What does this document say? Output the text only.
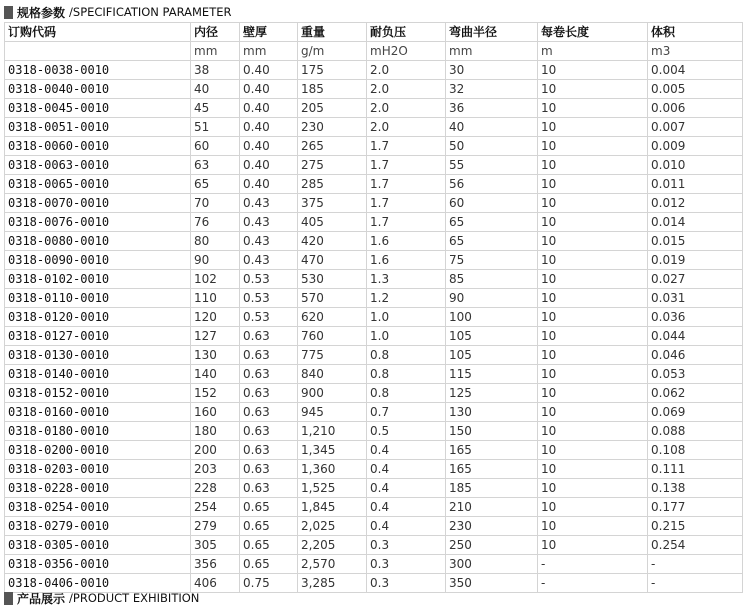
规格参数 /SPECIFICATION PARAMETER
订购代码	内径	壁厚	重量	耐负压	弯曲半径	每卷长度	体积
	mm	mm	g/m	mH2O	mm	m	m3
0318-0038-0010	38	0.40	175	2.0	30	10	0.004
0318-0040-0010	40	0.40	185	2.0	32	10	0.005
0318-0045-0010	45	0.40	205	2.0	36	10	0.006
0318-0051-0010	51	0.40	230	2.0	40	10	0.007
0318-0060-0010	60	0.40	265	1.7	50	10	0.009
0318-0063-0010	63	0.40	275	1.7	55	10	0.010
0318-0065-0010	65	0.40	285	1.7	56	10	0.011
0318-0070-0010	70	0.43	375	1.7	60	10	0.012
0318-0076-0010	76	0.43	405	1.7	65	10	0.014
0318-0080-0010	80	0.43	420	1.6	65	10	0.015
0318-0090-0010	90	0.43	470	1.6	75	10	0.019
0318-0102-0010	102	0.53	530	1.3	85	10	0.027
0318-0110-0010	110	0.53	570	1.2	90	10	0.031
0318-0120-0010	120	0.53	620	1.0	100	10	0.036
0318-0127-0010	127	0.63	760	1.0	105	10	0.044
0318-0130-0010	130	0.63	775	0.8	105	10	0.046
0318-0140-0010	140	0.63	840	0.8	115	10	0.053
0318-0152-0010	152	0.63	900	0.8	125	10	0.062
0318-0160-0010	160	0.63	945	0.7	130	10	0.069
0318-0180-0010	180	0.63	1,210	0.5	150	10	0.088
0318-0200-0010	200	0.63	1,345	0.4	165	10	0.108
0318-0203-0010	203	0.63	1,360	0.4	165	10	0.111
0318-0228-0010	228	0.63	1,525	0.4	185	10	0.138
0318-0254-0010	254	0.65	1,845	0.4	210	10	0.177
0318-0279-0010	279	0.65	2,025	0.4	230	10	0.215
0318-0305-0010	305	0.65	2,205	0.3	250	10	0.254
0318-0356-0010	356	0.65	2,570	0.3	300	-	-
0318-0406-0010	406	0.75	3,285	0.3	350	-	-
产品展示 /PRODUCT EXHIBITION
